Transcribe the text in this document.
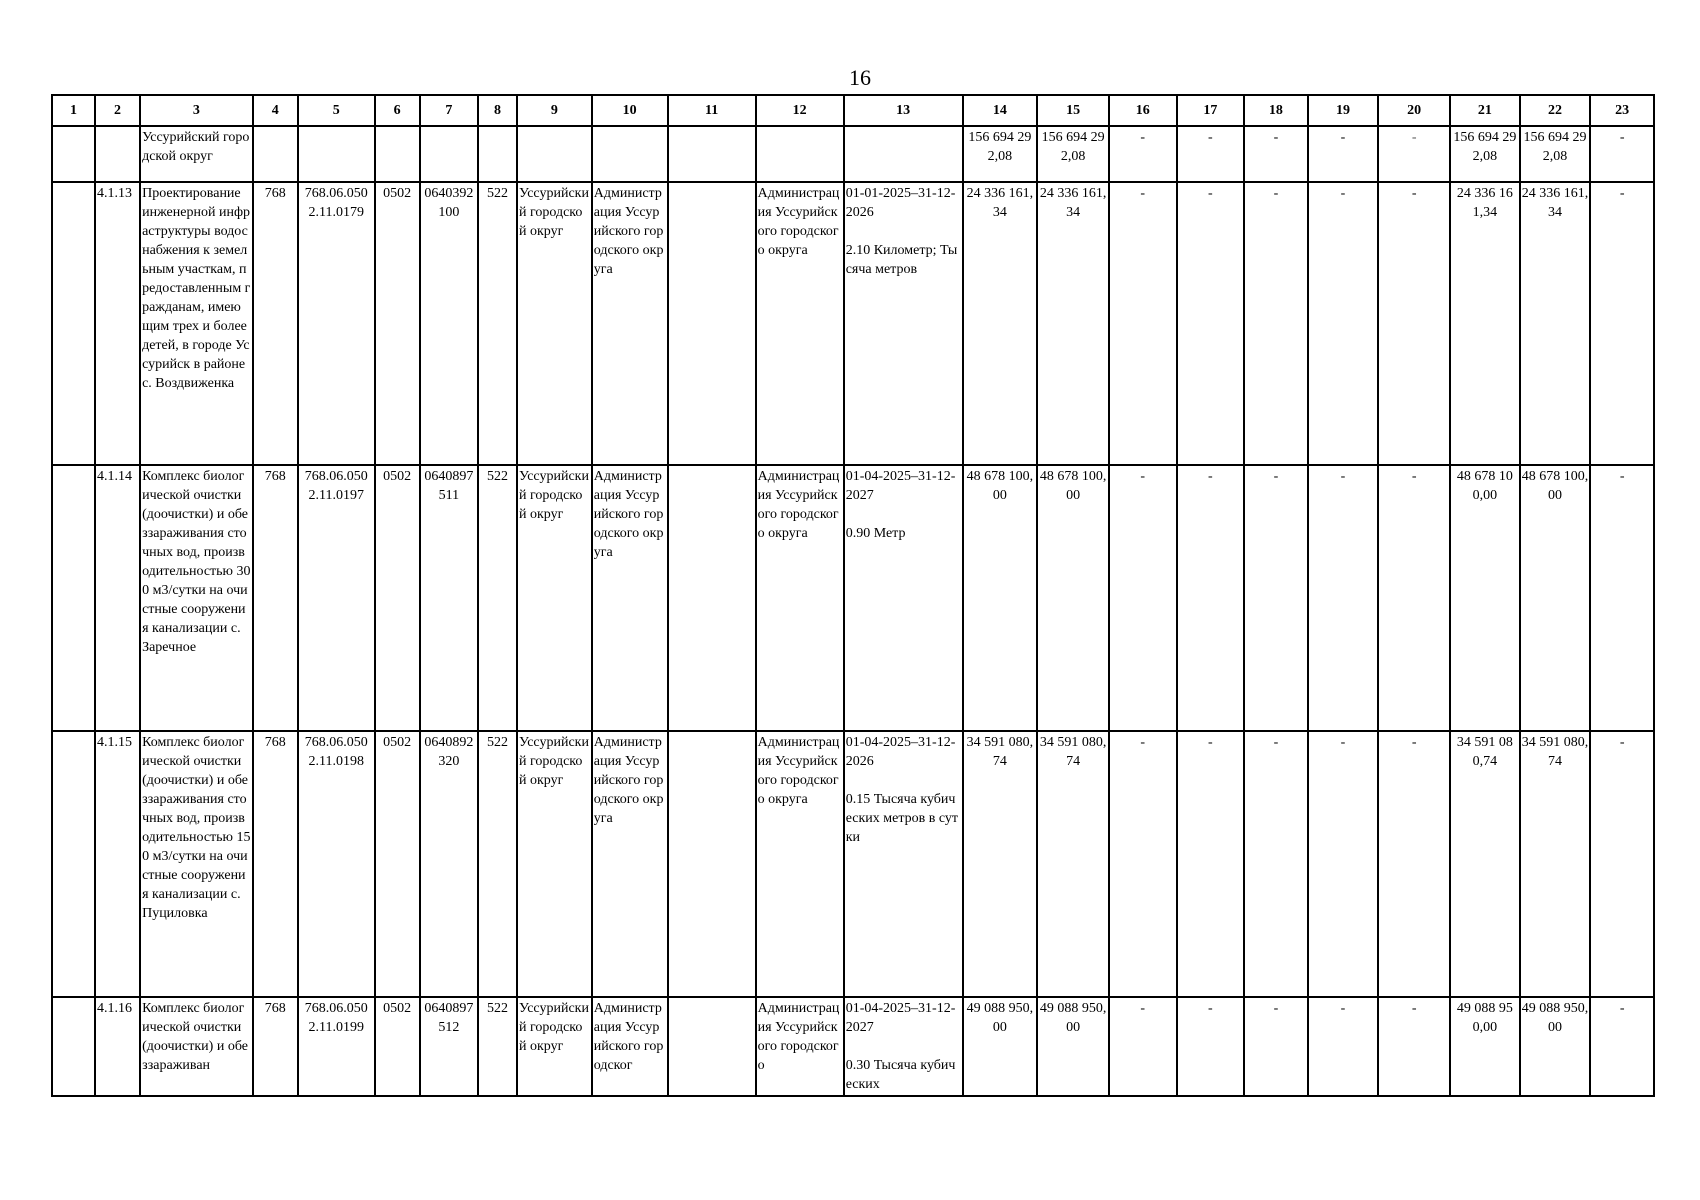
16
1	2	3	4	5	6	7	8	9	10	11	12	13	14	15	16	17	18	19	20	21	22	23
		Уссурийский городской округ											156 694 292,08	156 694 292,08	-	-	-	-	-	156 694 292,08	156 694 292,08	-
	4.1.13	Проектирование инженерной инфраструктуры водоснабжения к земельным участкам, предоставленным гражданам, имеющим трех и более детей, в городе Уссурийск в районе с. Воздвиженка	768	768.06.0502.11.0179	0502	0640392100	522	Уссурийский городской округ	Администрация Уссурийского городского округа		Администрация Уссурийского городского округа	01-01-2025–31-12-2026
2.10 Километр; Тысяча метров	24 336 161,34	24 336 161,34	-	-	-	-	-	24 336 161,34	24 336 161,34	-
	4.1.14	Комплекс биологической очистки (доочистки) и обеззараживания сточных вод, производительностью 300 м3/сутки на очистные сооружения канализации с. Заречное	768	768.06.0502.11.0197	0502	0640897511	522	Уссурийский городской округ	Администрация Уссурийского городского округа		Администрация Уссурийского городского округа	01-04-2025–31-12-2027
0.90 Метр	48 678 100,00	48 678 100,00	-	-	-	-	-	48 678 100,00	48 678 100,00	-
	4.1.15	Комплекс биологической очистки (доочистки) и обеззараживания сточных вод, производительностью 150 м3/сутки на очистные сооружения канализации с. Пуциловка	768	768.06.0502.11.0198	0502	0640892320	522	Уссурийский городской округ	Администрация Уссурийского городского округа		Администрация Уссурийского городского округа	01-04-2025–31-12-2026
0.15 Тысяча кубических метров в сутки	34 591 080,74	34 591 080,74	-	-	-	-	-	34 591 080,74	34 591 080,74	-
	4.1.16	Комплекс биологической очистки (доочистки) и обеззараживан	768	768.06.0502.11.0199	0502	0640897512	522	Уссурийский городской округ	Администрация Уссурийского городског		Администрация Уссурийского городского	01-04-2025–31-12-2027
0.30 Тысяча кубических	49 088 950,00	49 088 950,00	-	-	-	-	-	49 088 950,00	49 088 950,00	-
